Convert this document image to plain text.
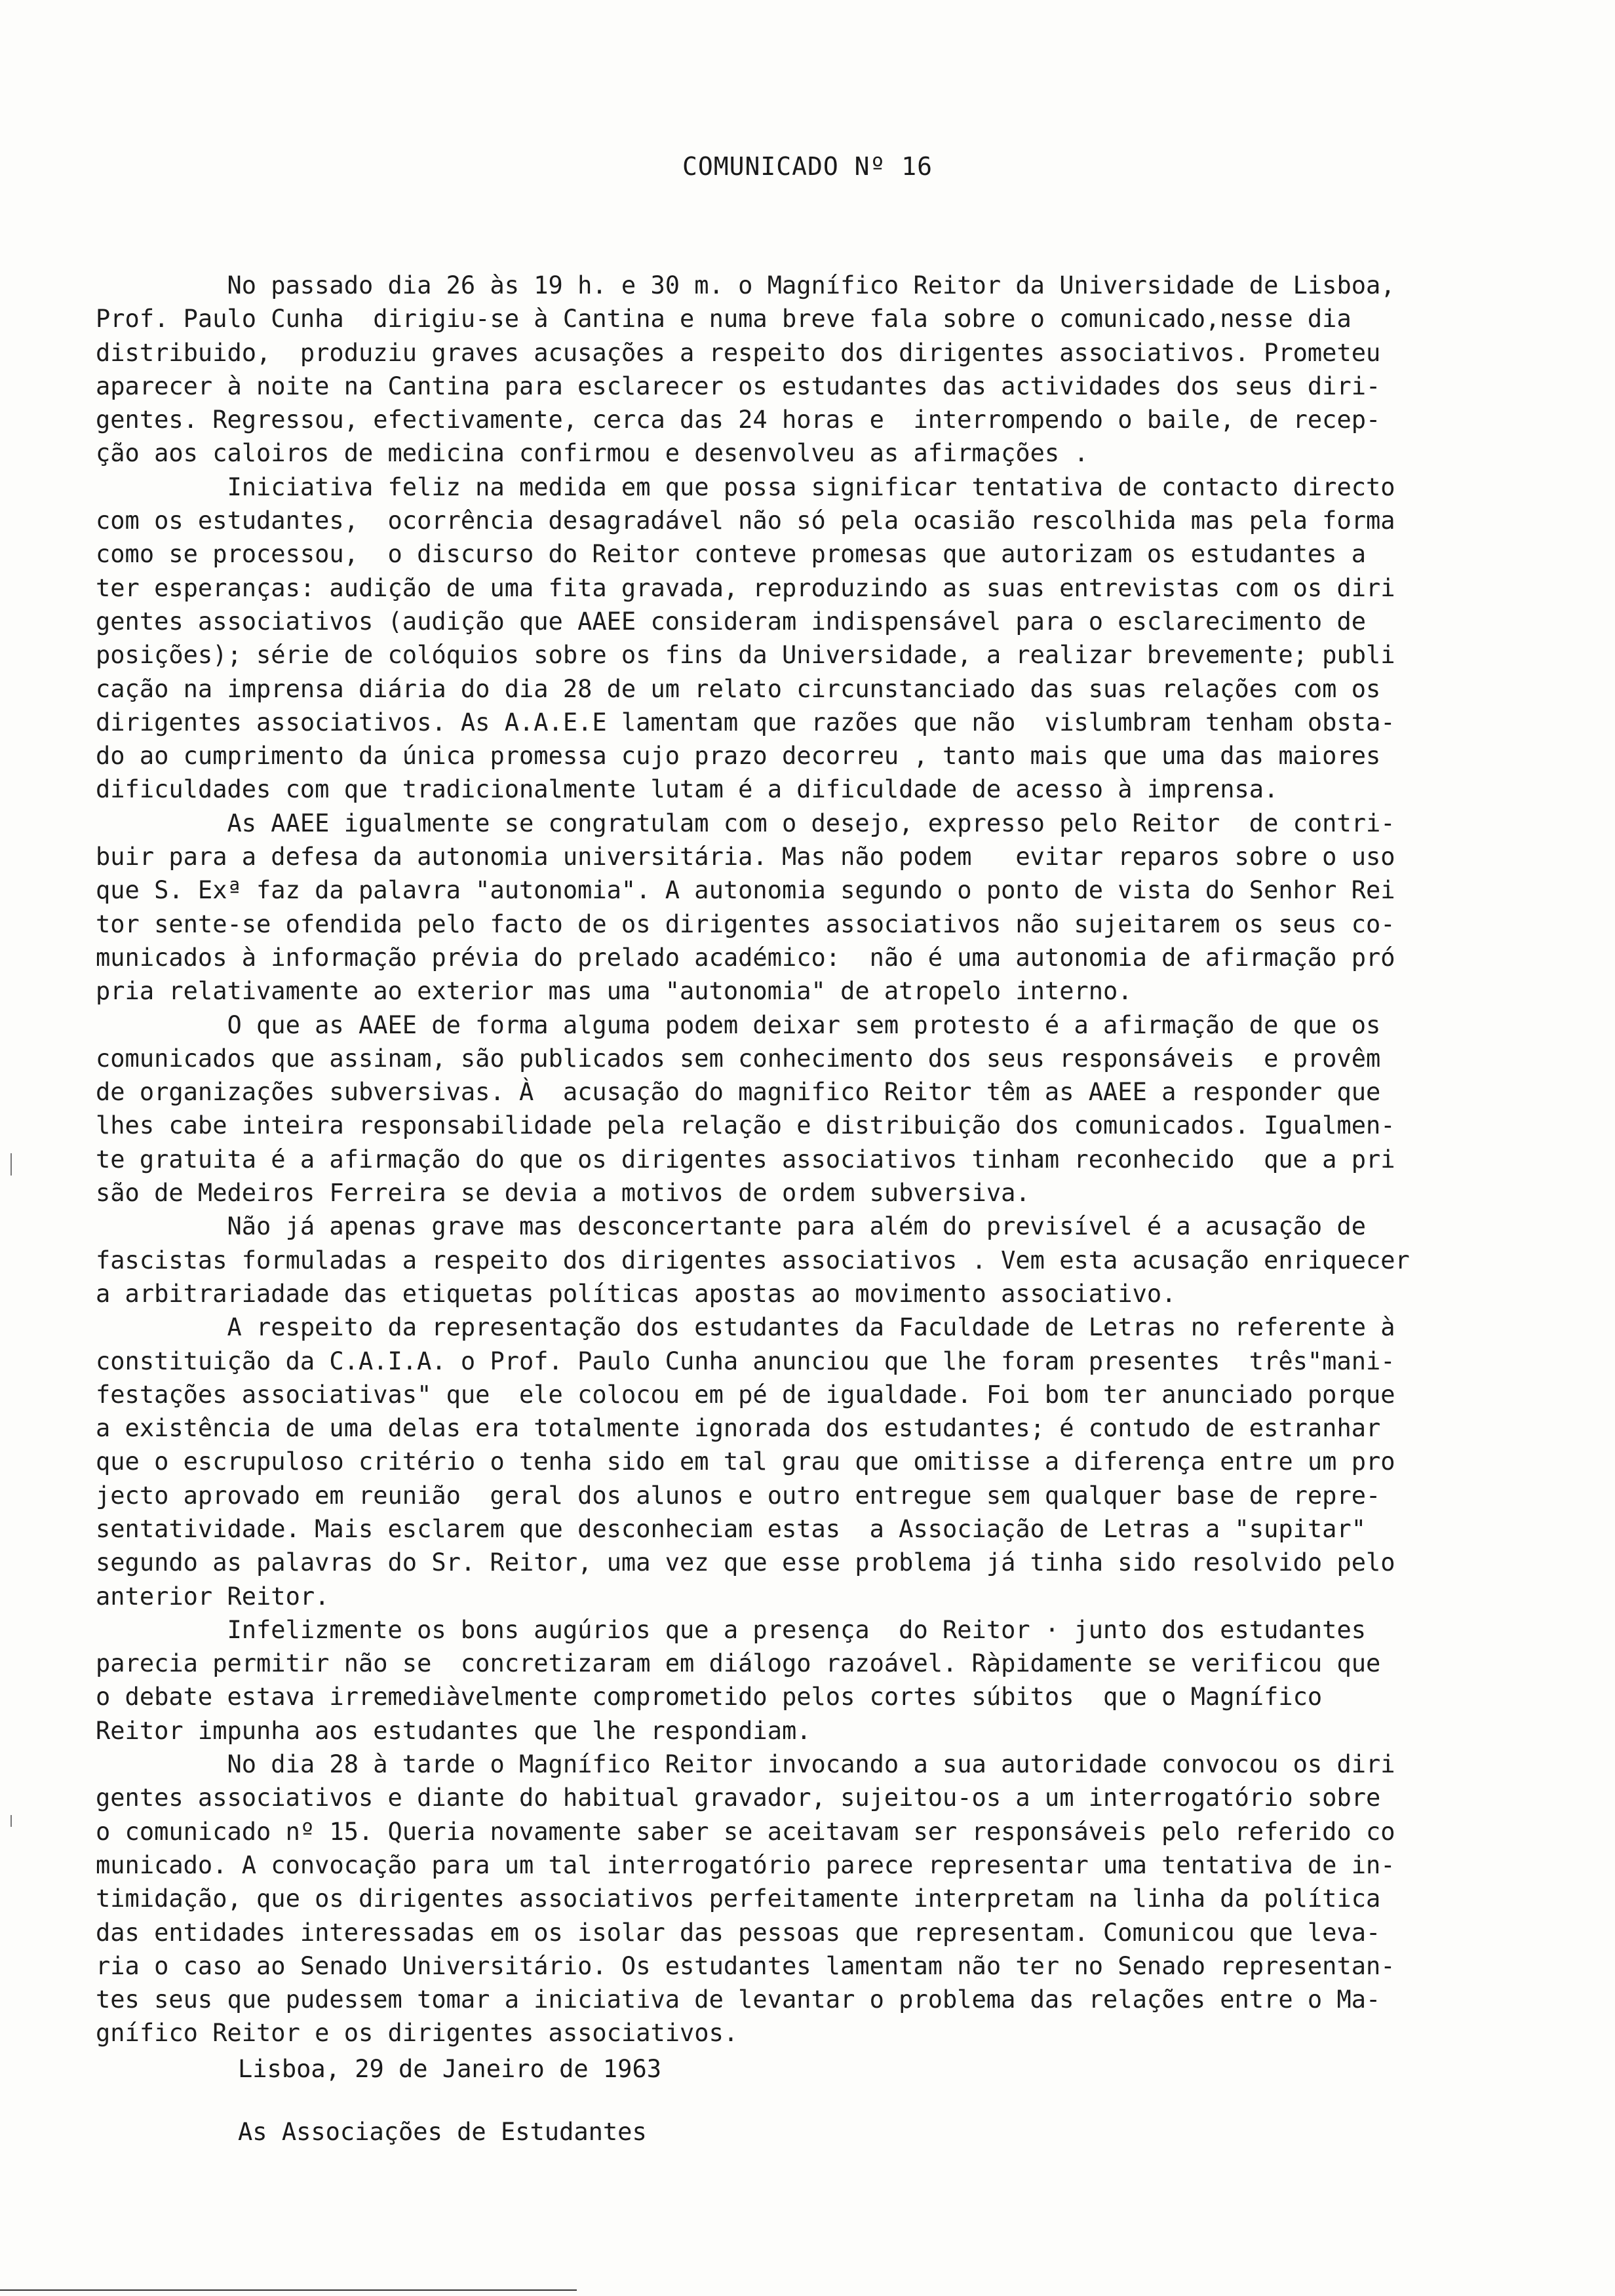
COMUNICADO Nº 16
No passado dia 26 às 19 h. e 30 m. o Magnífico Reitor da Universidade de Lisboa,
Prof. Paulo Cunha  dirigiu-se à Cantina e numa breve fala sobre o comunicado,nesse dia
distribuido,  produziu graves acusações a respeito dos dirigentes associativos. Prometeu
aparecer à noite na Cantina para esclarecer os estudantes das actividades dos seus diri-
gentes. Regressou, efectivamente, cerca das 24 horas e  interrompendo o baile, de recep-
ção aos caloiros de medicina confirmou e desenvolveu as afirmações .
Iniciativa feliz na medida em que possa significar tentativa de contacto directo
com os estudantes,  ocorrência desagradável não só pela ocasião rescolhida mas pela forma
como se processou,  o discurso do Reitor conteve promesas que autorizam os estudantes a
ter esperanças: audição de uma fita gravada, reproduzindo as suas entrevistas com os diri
gentes associativos (audição que AAEE consideram indispensável para o esclarecimento de
posições); série de colóquios sobre os fins da Universidade, a realizar brevemente; publi
cação na imprensa diária do dia 28 de um relato circunstanciado das suas relações com os
dirigentes associativos. As A.A.E.E lamentam que razões que não  vislumbram tenham obsta-
do ao cumprimento da única promessa cujo prazo decorreu , tanto mais que uma das maiores
dificuldades com que tradicionalmente lutam é a dificuldade de acesso à imprensa.
As AAEE igualmente se congratulam com o desejo, expresso pelo Reitor  de contri-
buir para a defesa da autonomia universitária. Mas não podem   evitar reparos sobre o uso
que S. Exª faz da palavra "autonomia". A autonomia segundo o ponto de vista do Senhor Rei
tor sente-se ofendida pelo facto de os dirigentes associativos não sujeitarem os seus co-
municados à informação prévia do prelado académico:  não é uma autonomia de afirmação pró
pria relativamente ao exterior mas uma "autonomia" de atropelo interno.
O que as AAEE de forma alguma podem deixar sem protesto é a afirmação de que os
comunicados que assinam, são publicados sem conhecimento dos seus responsáveis  e provêm
de organizações subversivas. À  acusação do magnifico Reitor têm as AAEE a responder que
lhes cabe inteira responsabilidade pela relação e distribuição dos comunicados. Igualmen-
te gratuita é a afirmação do que os dirigentes associativos tinham reconhecido  que a pri
são de Medeiros Ferreira se devia a motivos de ordem subversiva.
Não já apenas grave mas desconcertante para além do previsível é a acusação de
fascistas formuladas a respeito dos dirigentes associativos . Vem esta acusação enriquecer
a arbitrariadade das etiquetas políticas apostas ao movimento associativo.
A respeito da representação dos estudantes da Faculdade de Letras no referente à
constituição da C.A.I.A. o Prof. Paulo Cunha anunciou que lhe foram presentes  três"mani-
festações associativas" que  ele colocou em pé de igualdade. Foi bom ter anunciado porque
a existência de uma delas era totalmente ignorada dos estudantes; é contudo de estranhar
que o escrupuloso critério o tenha sido em tal grau que omitisse a diferença entre um pro
jecto aprovado em reunião  geral dos alunos e outro entregue sem qualquer base de repre-
sentatividade. Mais esclarem que desconheciam estas  a Associação de Letras a "supitar"
segundo as palavras do Sr. Reitor, uma vez que esse problema já tinha sido resolvido pelo
anterior Reitor.
Infelizmente os bons augúrios que a presença  do Reitor · junto dos estudantes
parecia permitir não se  concretizaram em diálogo razoável. Ràpidamente se verificou que
o debate estava irremediàvelmente comprometido pelos cortes súbitos  que o Magnífico
Reitor impunha aos estudantes que lhe respondiam.
No dia 28 à tarde o Magnífico Reitor invocando a sua autoridade convocou os diri
gentes associativos e diante do habitual gravador, sujeitou-os a um interrogatório sobre
o comunicado nº 15. Queria novamente saber se aceitavam ser responsáveis pelo referido co
municado. A convocação para um tal interrogatório parece representar uma tentativa de in-
timidação, que os dirigentes associativos perfeitamente interpretam na linha da política
das entidades interessadas em os isolar das pessoas que representam. Comunicou que leva-
ria o caso ao Senado Universitário. Os estudantes lamentam não ter no Senado representan-
tes seus que pudessem tomar a iniciativa de levantar o problema das relações entre o Ma-
gnífico Reitor e os dirigentes associativos.
Lisboa, 29 de Janeiro de 1963
As Associações de Estudantes
